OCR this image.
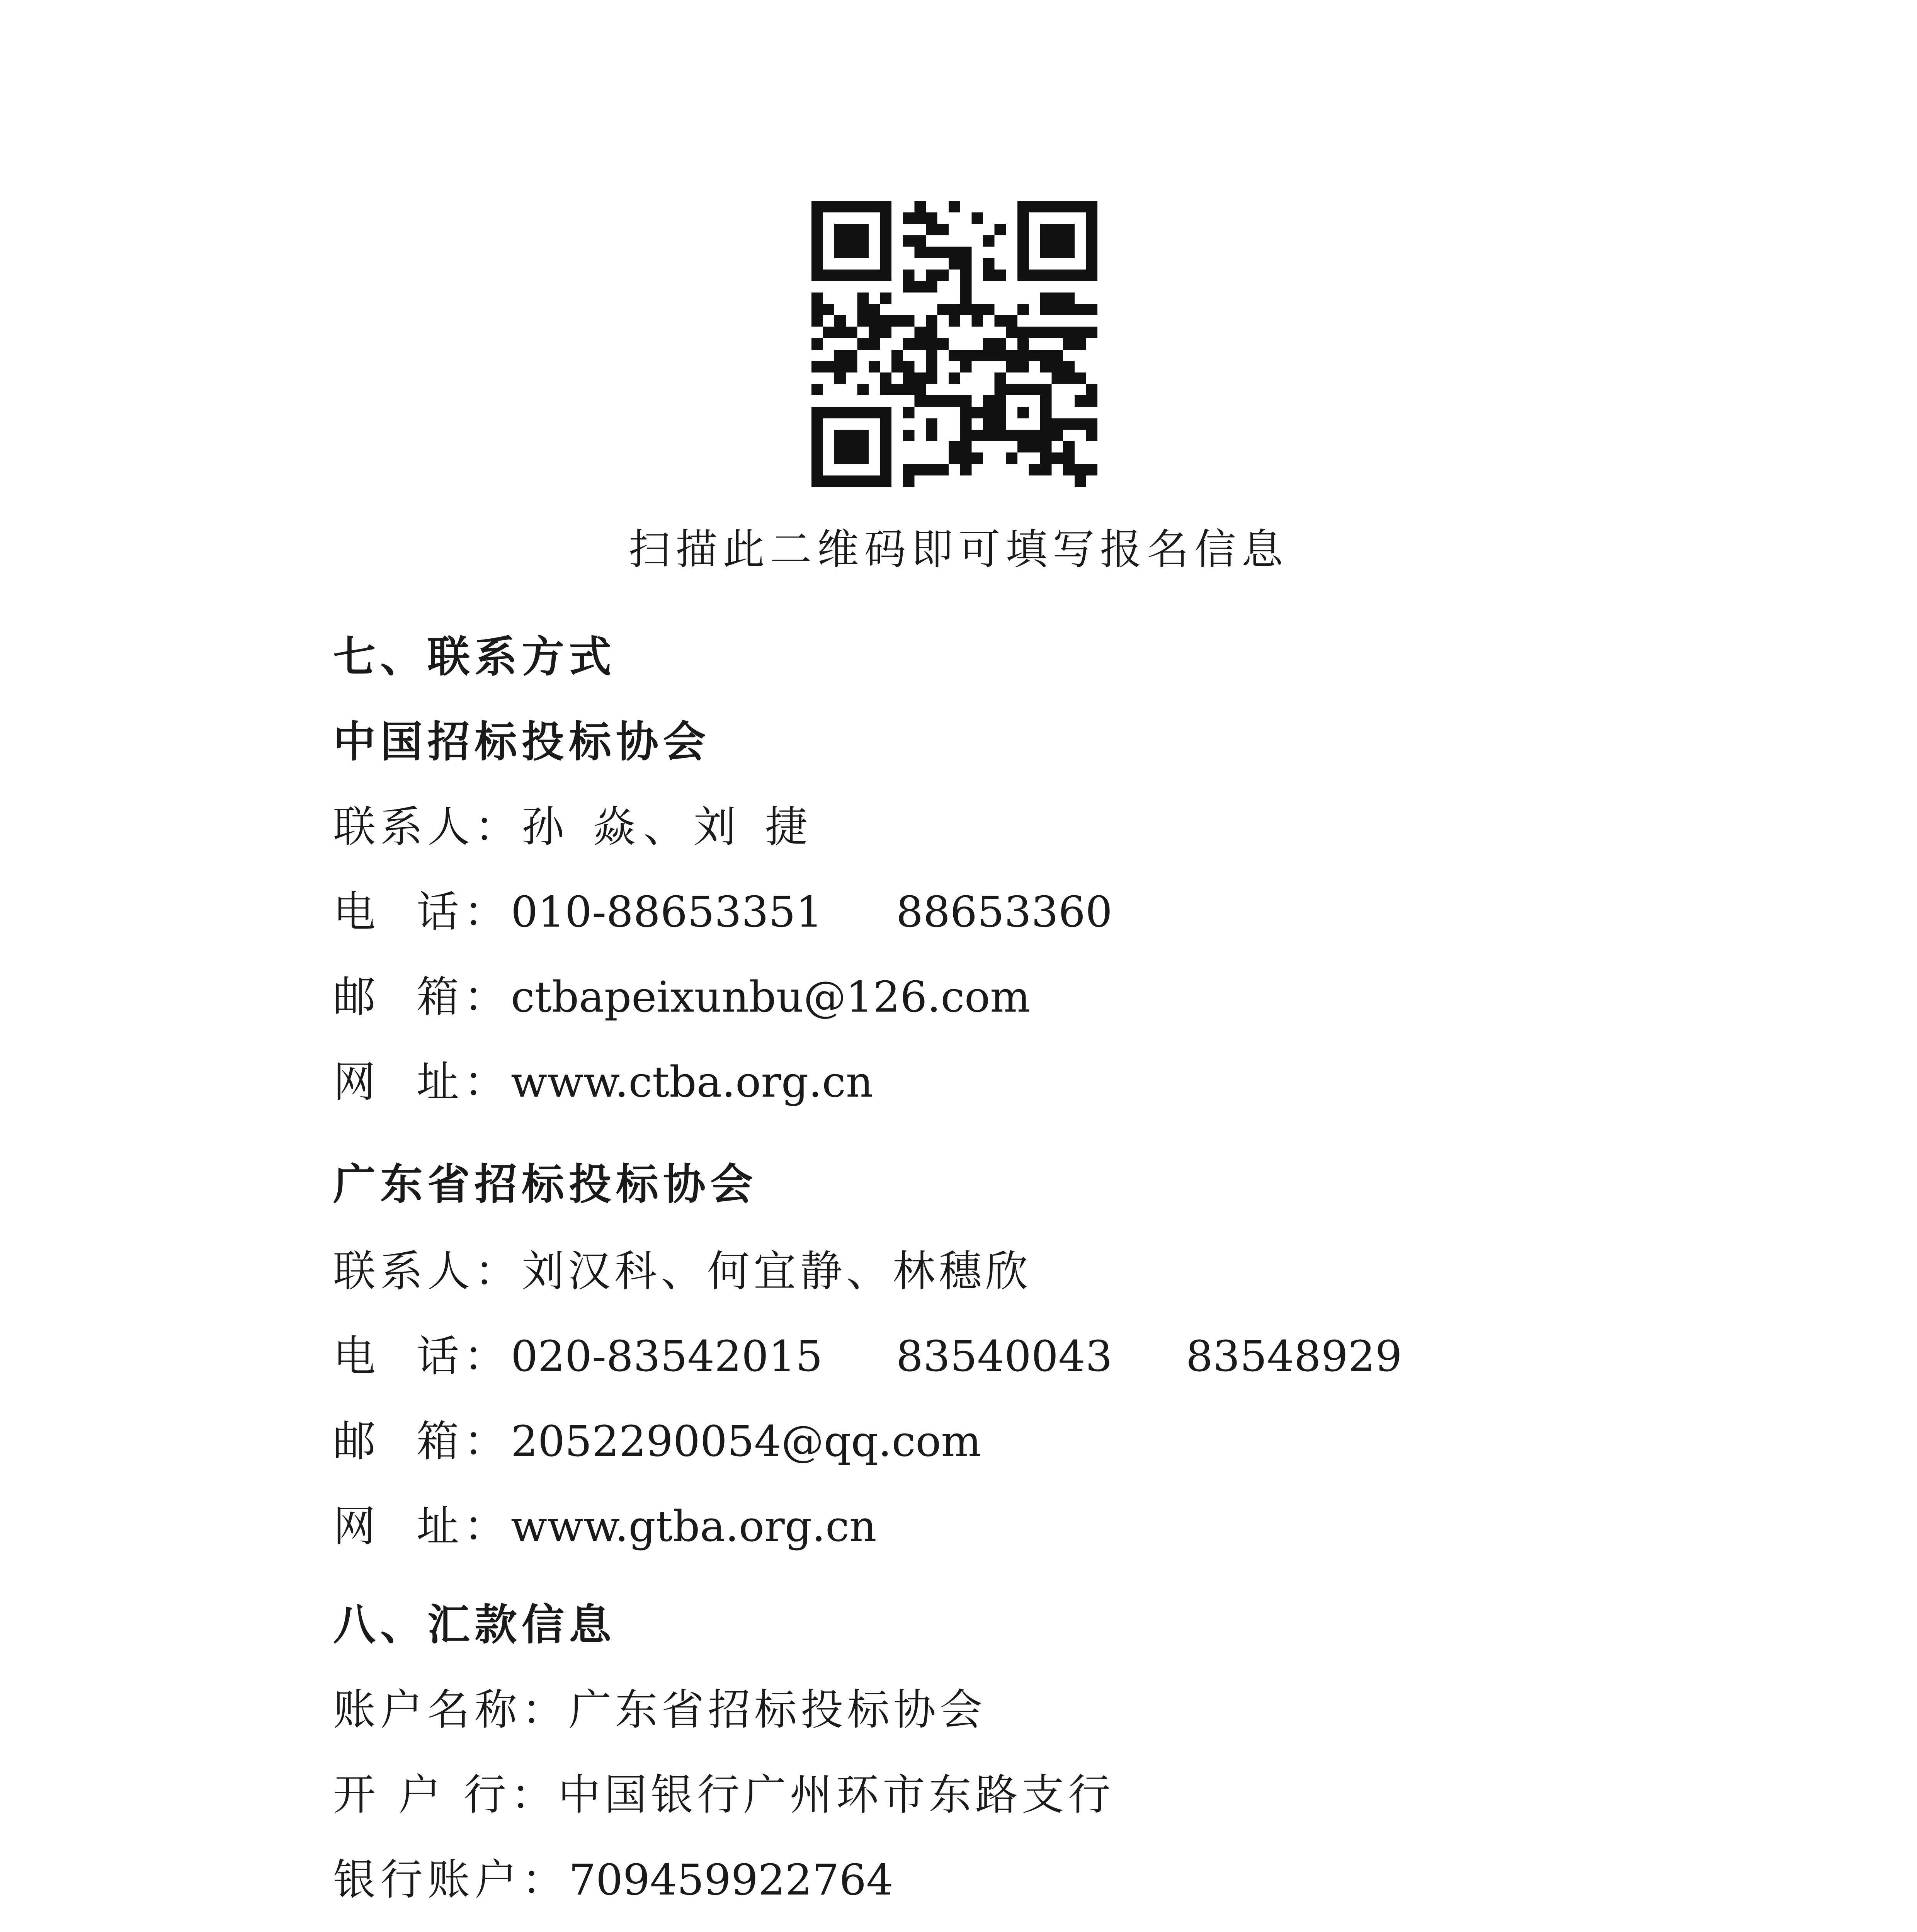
扫描此二维码即可填写报名信息
七、联系方式
中国招标投标协会
联系人：孙 焱、刘 捷
电  话：010-88653351 88653360
邮  箱：ctbapeixunbu@126.com
网  址：www.ctba.org.cn
广东省招标投标协会
联系人：刘汉科、何宜静、林穗欣
电  话：020-83542015 83540043 83548929
邮  箱：2052290054@qq.com
网  址：www.gtba.org.cn
八、汇款信息
账户名称：广东省招标投标协会
开 户 行：中国银行广州环市东路支行
银行账户：709459922764
